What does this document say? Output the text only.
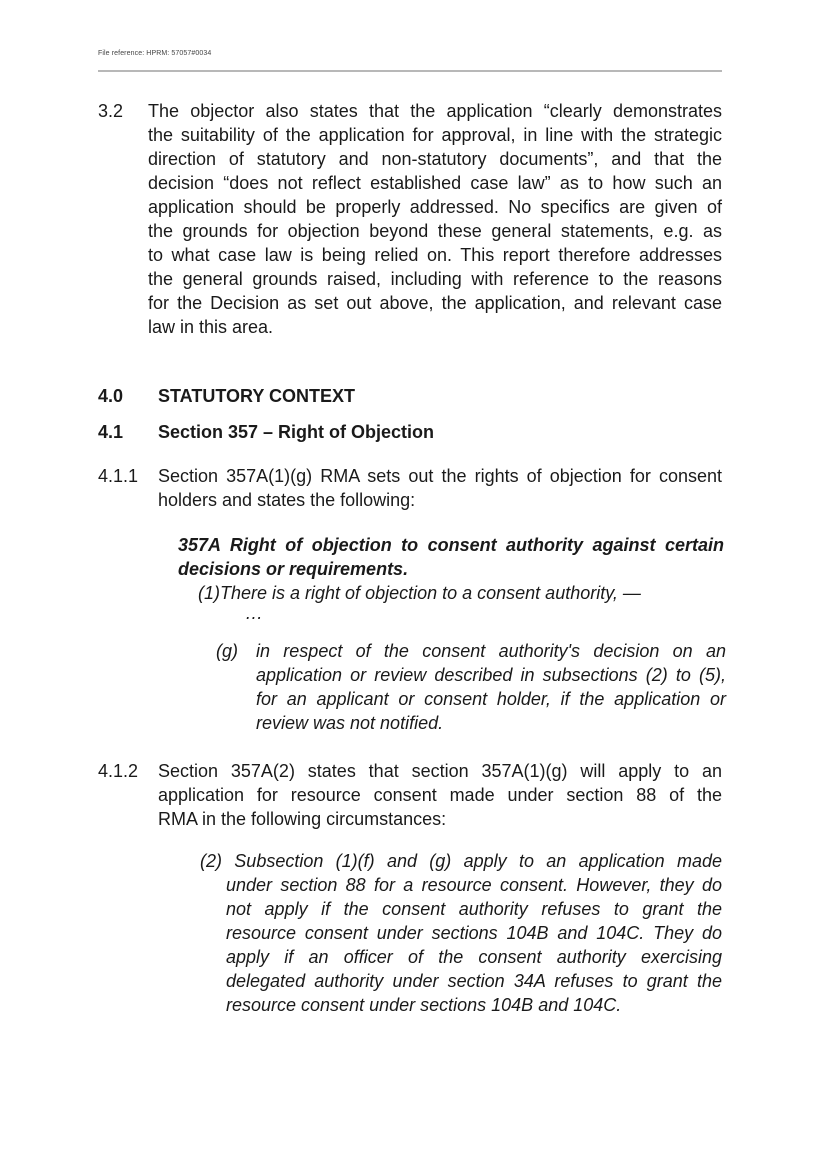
File reference: HPRM: 57057#0034
3.2 The objector also states that the application “clearly demonstrates
the suitability of the application for approval, in line with the strategic
direction of statutory and non-statutory documents”, and that the
decision “does not reflect established case law” as to how such an
application should be properly addressed. No specifics are given of
the grounds for objection beyond these general statements, e.g. as
to what case law is being relied on. This report therefore addresses
the general grounds raised, including with reference to the reasons
for the Decision as set out above, the application, and relevant case
law in this area.
4.0 STATUTORY CONTEXT
4.1 Section 357 – Right of Objection
4.1.1 Section 357A(1)(g) RMA sets out the rights of objection for consent
holders and states the following:
357A Right of objection to consent authority against certain
decisions or requirements.
(1)There is a right of objection to a consent authority, —
…
(g) in respect of the consent authority's decision on an
application or review described in subsections (2) to (5),
for an applicant or consent holder, if the application or
review was not notified.
4.1.2 Section 357A(2) states that section 357A(1)(g) will apply to an
application for resource consent made under section 88 of the
RMA in the following circumstances:
(2) Subsection (1)(f) and (g) apply to an application made
under section 88 for a resource consent. However, they do
not apply if the consent authority refuses to grant the
resource consent under sections 104B and 104C. They do
apply if an officer of the consent authority exercising
delegated authority under section 34A refuses to grant the
resource consent under sections 104B and 104C.
